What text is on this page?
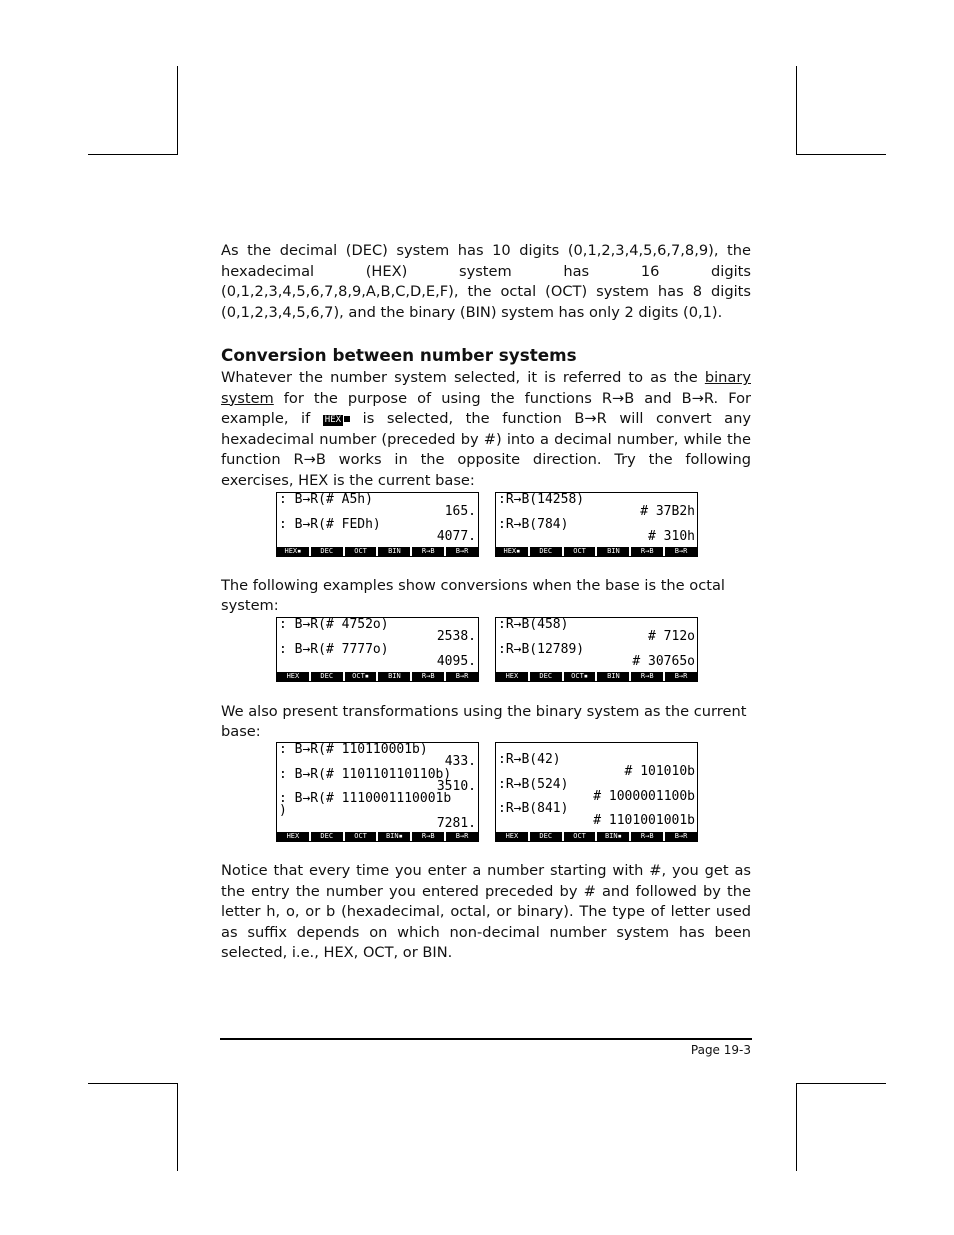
As the decimal (DEC) system has 10 digits (0,1,2,3,4,5,6,7,8,9), the hexadecimal (HEX) system has 16 digits (0,1,2,3,4,5,6,7,8,9,A,B,C,D,E,F), the octal (OCT) system has 8 digits (0,1,2,3,4,5,6,7), and the binary (BIN) system has only 2 digits (0,1).

Conversion between number systems

Whatever the number system selected, it is referred to as the binary system for the purpose of using the functions R→B and B→R. For example, if HEX is selected, the function B→R will convert any hexadecimal number (preceded by #) into a decimal number, while the function R→B works in the opposite direction. Try the following exercises, HEX is the current base:

: B→R(# A5h)
165.
: B→R(# FEDh)
4077.
HEX▪	DEC	OCT	BIN	R→B	B→R
:R→B(14258)
# 37B2h
:R→B(784)
# 310h
HEX▪	DEC	OCT	BIN	R→B	B→R

The following examples show conversions when the base is the octal system:

: B→R(# 4752o)
2538.
: B→R(# 7777o)
4095.
HEX	DEC	OCT▪	BIN	R→B	B→R
:R→B(458)
# 712o
:R→B(12789)
# 30765o
HEX	DEC	OCT▪	BIN	R→B	B→R

We also present transformations using the binary system as the current base:

: B→R(# 110110001b)
433.
: B→R(# 110110110110b)
3510.
: B→R(# 1110001110001b
)
7281.
HEX	DEC	OCT	BIN▪	R→B	B→R
:R→B(42)
# 101010b
:R→B(524)
# 1000001100b
:R→B(841)
# 1101001001b
HEX	DEC	OCT	BIN▪	R→B	B→R

Notice that every time you enter a number starting with #, you get as the entry the number you entered preceded by # and followed by the letter h, o, or b (hexadecimal, octal, or binary). The type of letter used as suffix depends on which non-decimal number system has been selected, i.e., HEX, OCT, or BIN.

Page 19-3
